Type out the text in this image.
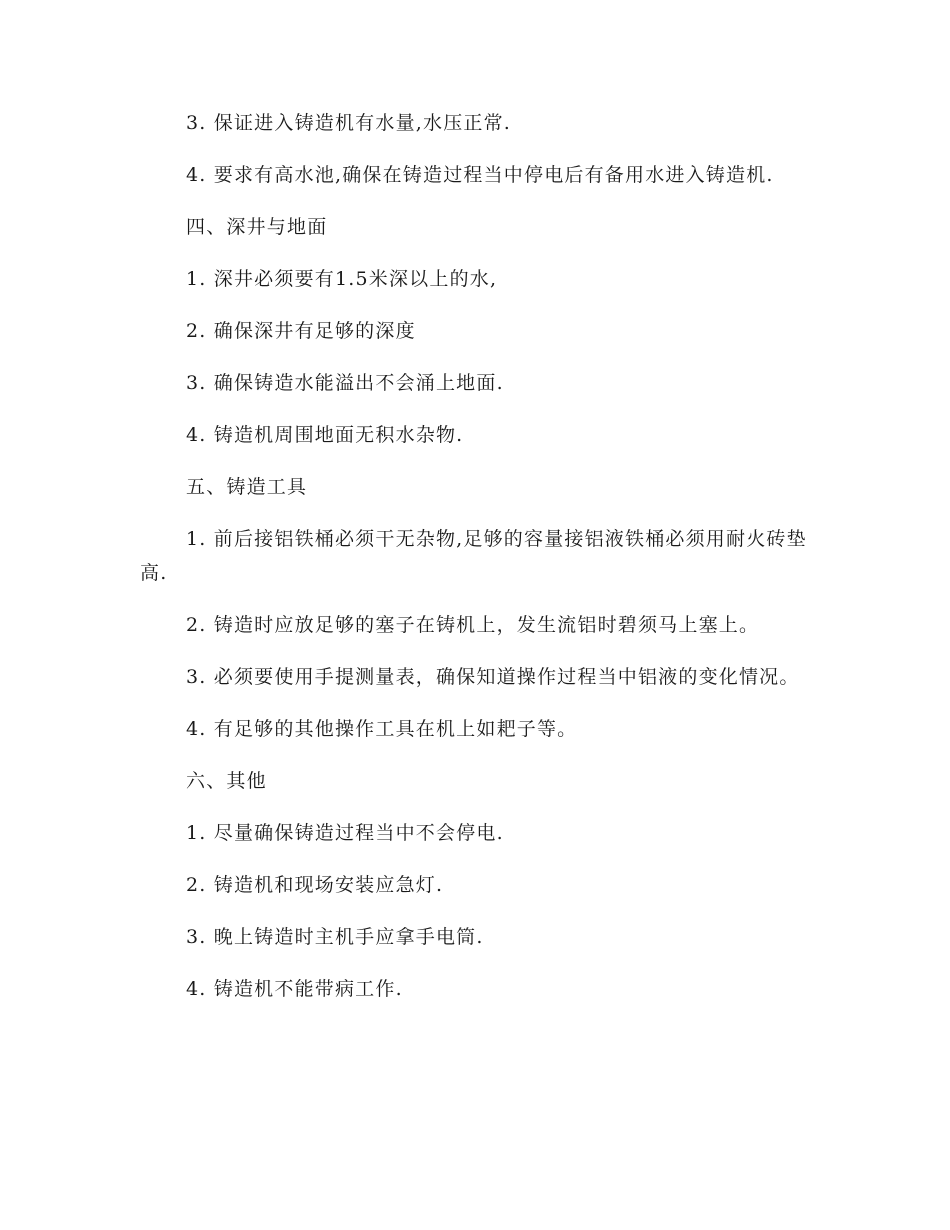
3. 保证进入铸造机有水量,水压正常.

4. 要求有高水池,确保在铸造过程当中停电后有备用水进入铸造机.

四、深井与地面

1. 深井必须要有1.5米深以上的水,

2. 确保深井有足够的深度

3. 确保铸造水能溢出不会涌上地面.

4. 铸造机周围地面无积水杂物.

五、铸造工具

1. 前后接铝铁桶必须干无杂物,足够的容量接铝液铁桶必须用耐火砖垫高.

2. 铸造时应放足够的塞子在铸机上，发生流铝时碧须马上塞上。

3. 必须要使用手提测量表，确保知道操作过程当中铝液的变化情况。

4. 有足够的其他操作工具在机上如耙子等。

六、其他

1. 尽量确保铸造过程当中不会停电.

2. 铸造机和现场安装应急灯.

3. 晚上铸造时主机手应拿手电筒.

4. 铸造机不能带病工作.
